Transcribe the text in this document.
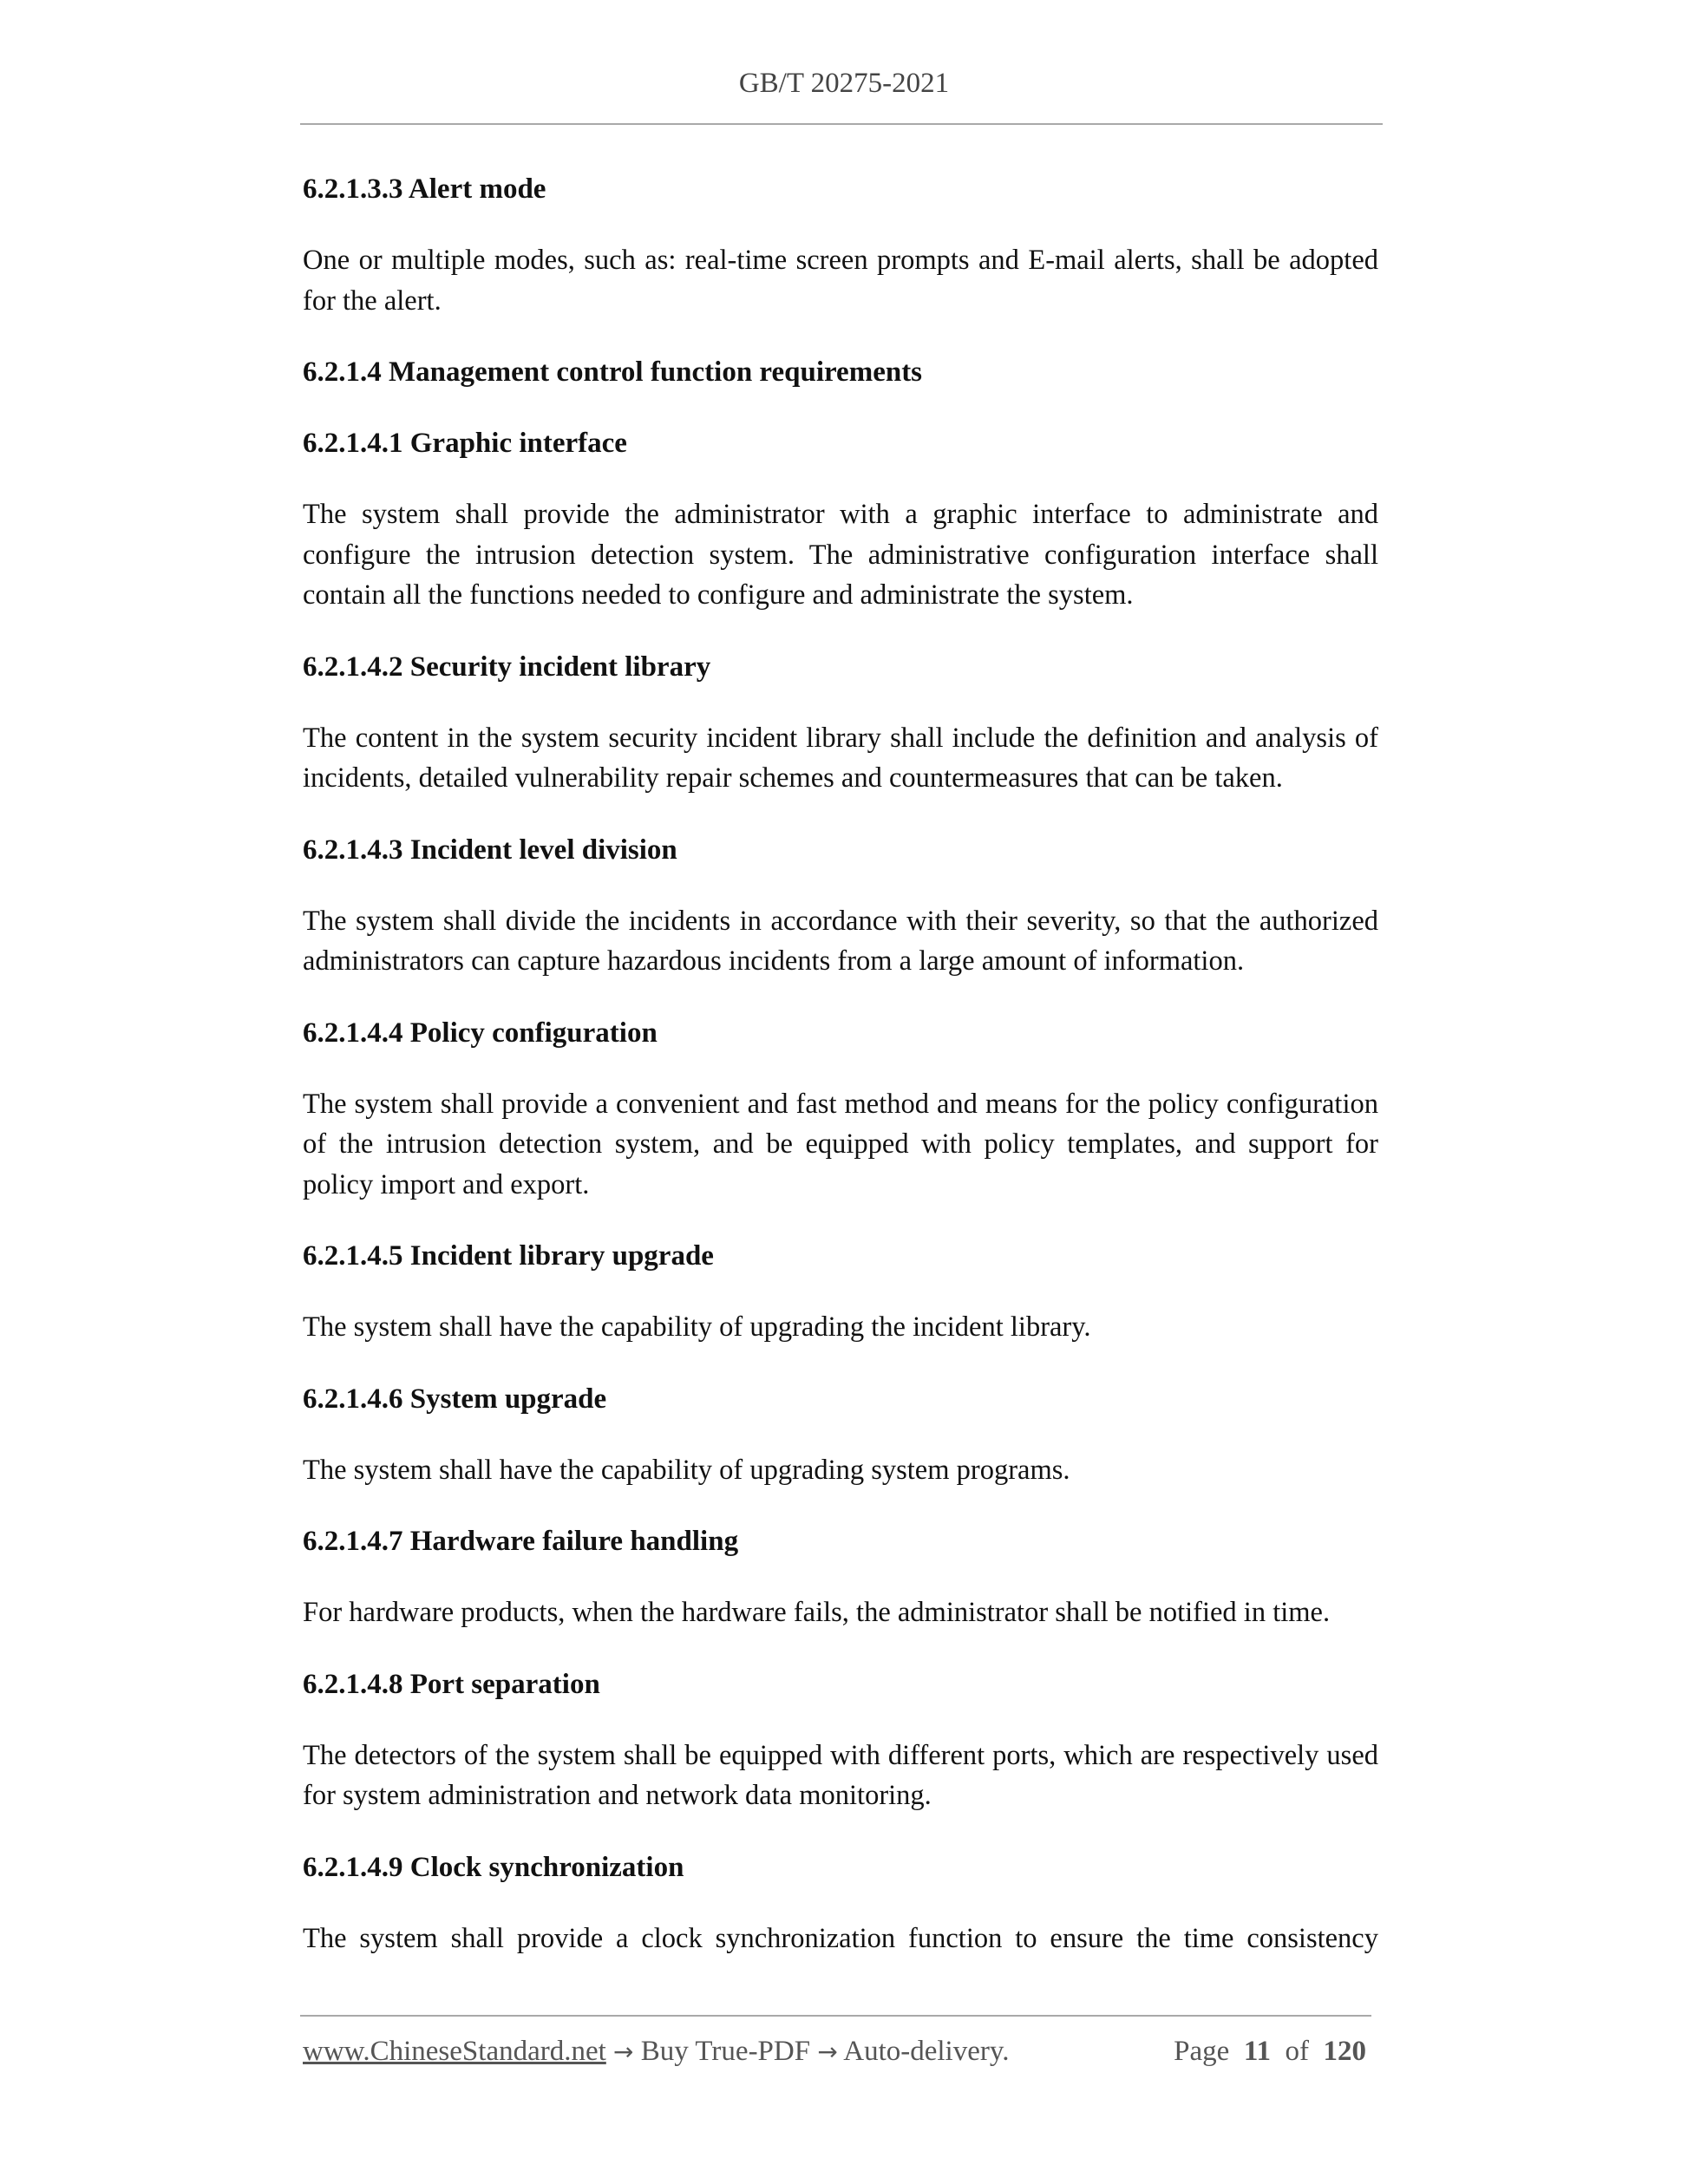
GB/T 20275-2021
6.2.1.3.3 Alert mode
One or multiple modes, such as: real-time screen prompts and E-mail alerts, shall be adopted for the alert.
6.2.1.4 Management control function requirements
6.2.1.4.1 Graphic interface
The system shall provide the administrator with a graphic interface to administrate and configure the intrusion detection system. The administrative configuration interface shall contain all the functions needed to configure and administrate the system.
6.2.1.4.2 Security incident library
The content in the system security incident library shall include the definition and analysis of incidents, detailed vulnerability repair schemes and countermeasures that can be taken.
6.2.1.4.3 Incident level division
The system shall divide the incidents in accordance with their severity, so that the authorized administrators can capture hazardous incidents from a large amount of information.
6.2.1.4.4 Policy configuration
The system shall provide a convenient and fast method and means for the policy configuration of the intrusion detection system, and be equipped with policy templates, and support for policy import and export.
6.2.1.4.5 Incident library upgrade
The system shall have the capability of upgrading the incident library.
6.2.1.4.6 System upgrade
The system shall have the capability of upgrading system programs.
6.2.1.4.7 Hardware failure handling
For hardware products, when the hardware fails, the administrator shall be notified in time.
6.2.1.4.8 Port separation
The detectors of the system shall be equipped with different ports, which are respectively used for system administration and network data monitoring.
6.2.1.4.9 Clock synchronization
The system shall provide a clock synchronization function to ensure the time consistency
www.ChineseStandard.net → Buy True-PDF → Auto-delivery.	Page 11 of 120
